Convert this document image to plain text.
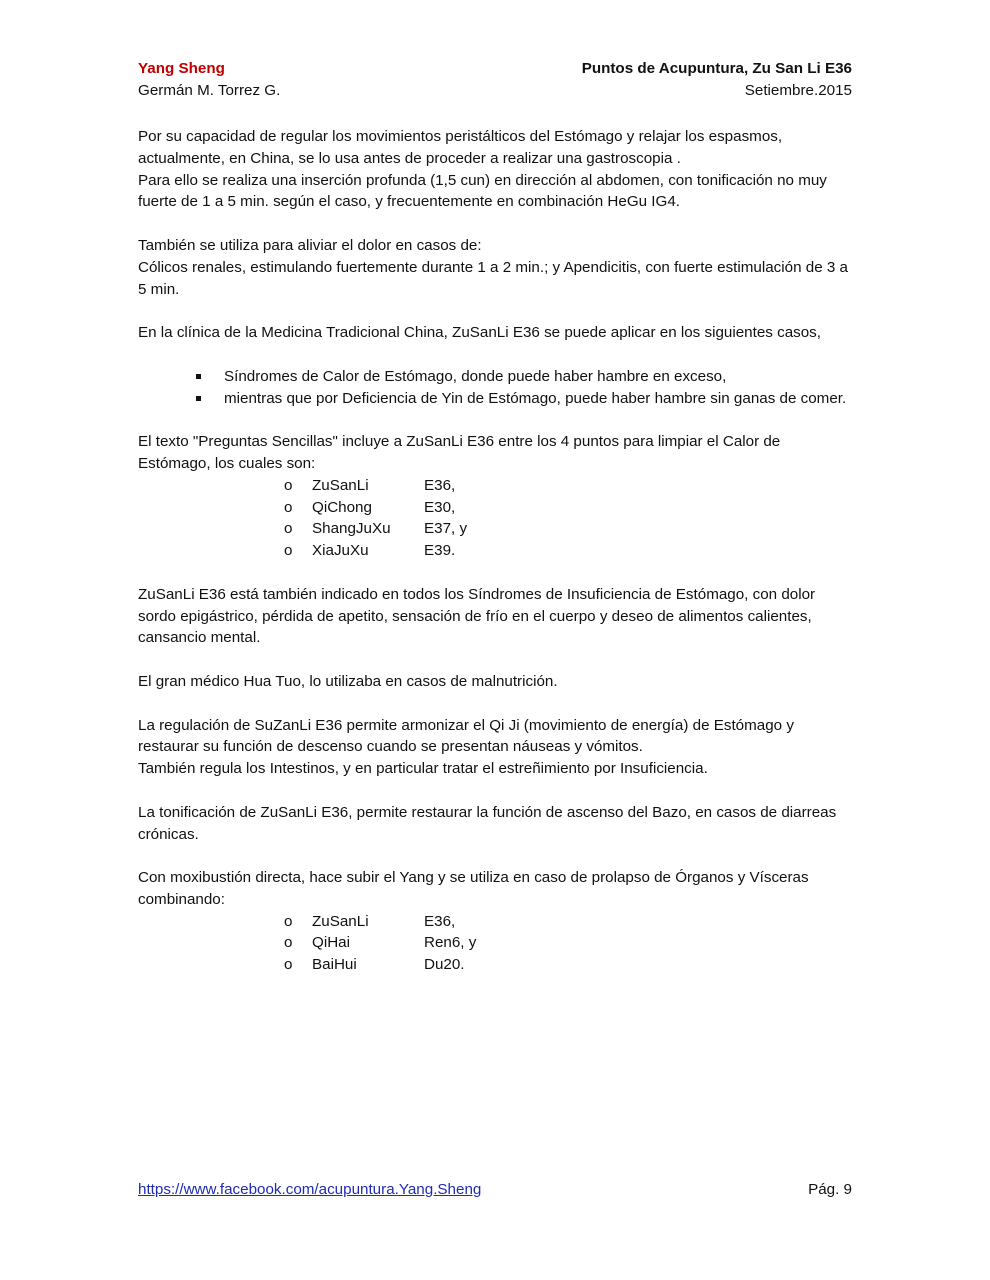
Yang Sheng	Puntos de Acupuntura, Zu San Li E36
Germán M. Torrez G.	Setiembre.2015

Por su capacidad de regular los movimientos peristálticos del Estómago y relajar los espasmos, actualmente, en China, se lo usa antes de proceder a realizar una gastroscopia .

Para ello se realiza una inserción profunda (1,5 cun) en dirección al abdomen, con tonificación no muy fuerte de 1 a 5 min. según el caso, y frecuentemente en combinación HeGu IG4.

También se utiliza para aliviar el dolor en casos de:

Cólicos renales, estimulando fuertemente durante 1 a 2 min.; y Apendicitis, con fuerte estimulación de 3 a 5 min.

En la clínica de la Medicina Tradicional China, ZuSanLi E36 se puede aplicar en los siguientes casos,

Síndromes de Calor de Estómago, donde puede haber hambre en exceso,
mientras que por Deficiencia de Yin de Estómago, puede haber hambre sin ganas de comer.

El texto "Preguntas Sencillas" incluye a ZuSanLi E36 entre los 4 puntos para limpiar el Calor de Estómago, los cuales son:

o	ZuSanLi	E36,
o	QiChong	E30,
o	ShangJuXu	E37, y
o	XiaJuXu	E39.

ZuSanLi E36 está también indicado en todos los Síndromes de Insuficiencia de Estómago, con dolor sordo epigástrico, pérdida de apetito, sensación de frío en el cuerpo y deseo de alimentos calientes, cansancio mental.

El gran médico Hua Tuo, lo utilizaba en casos de malnutrición.

La regulación de SuZanLi E36 permite armonizar el Qi Ji (movimiento de energía) de Estómago y restaurar su función de descenso cuando se presentan náuseas y vómitos.

También regula los Intestinos, y en particular tratar el estreñimiento por Insuficiencia.

La tonificación de ZuSanLi E36, permite restaurar la función de ascenso del Bazo, en casos de diarreas crónicas.

Con moxibustión directa, hace subir el Yang y se utiliza en caso de prolapso de Órganos y Vísceras combinando:

o	ZuSanLi	E36,
o	QiHai	Ren6, y
o	BaiHui	Du20.
https://www.facebook.com/acupuntura.Yang.Sheng	Pág. 9
